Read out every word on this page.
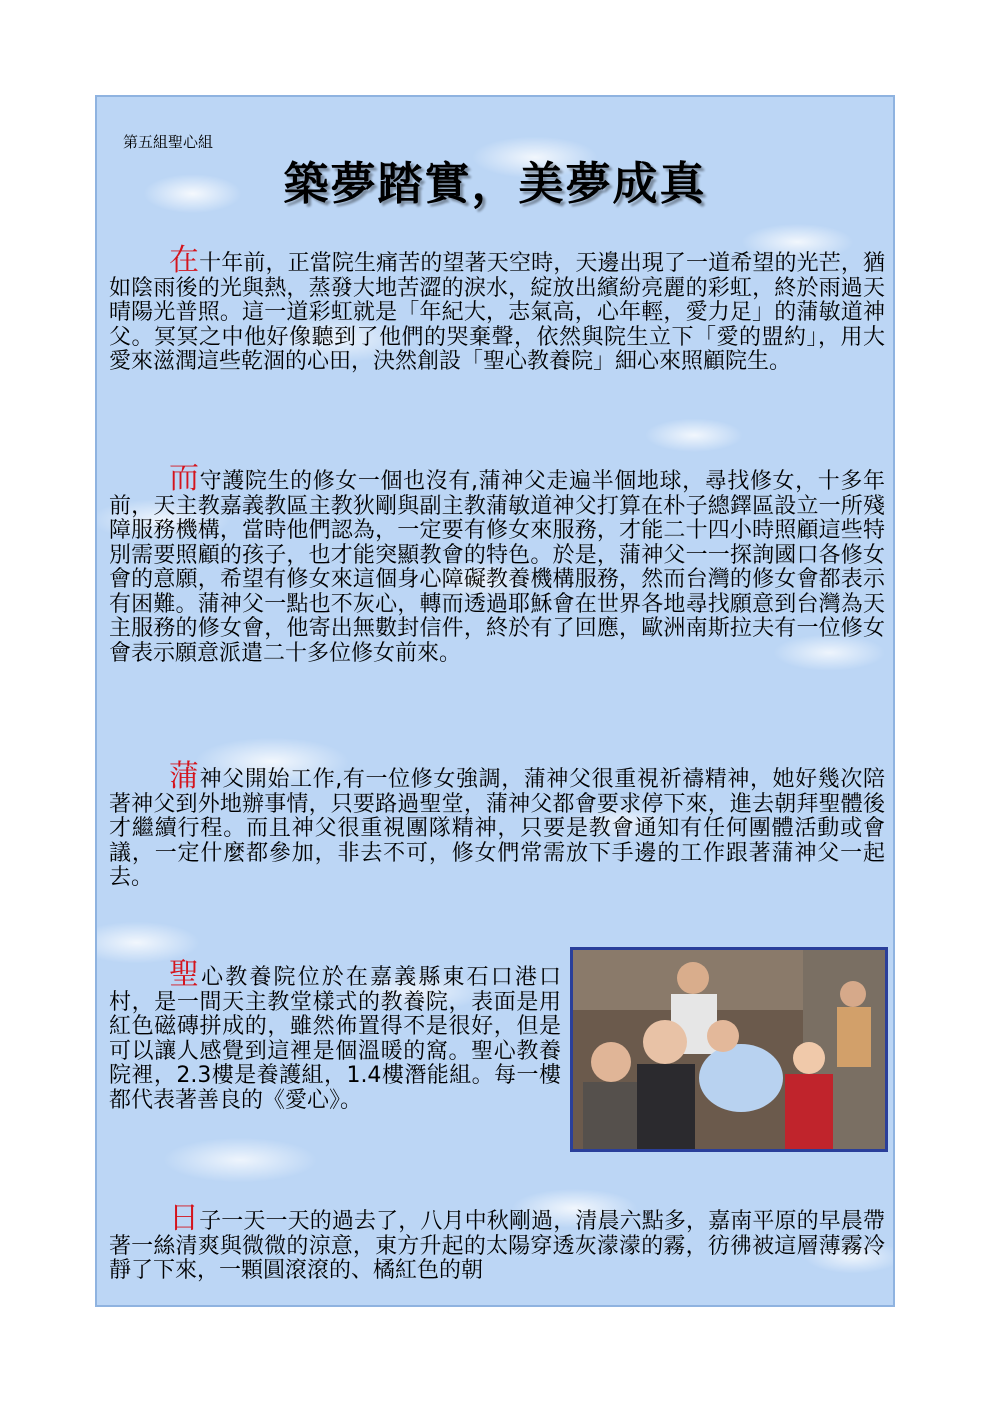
第五組聖心組

築夢踏實，美夢成真

在十年前，正當院生痛苦的望著天空時，天邊出現了一道希望的光芒，猶如陰雨後的光與熱，蒸發大地苦澀的淚水，綻放出繽紛亮麗的彩虹，終於雨過天晴陽光普照。這一道彩虹就是「年紀大，志氣高，心年輕，愛力足」的蒲敏道神父。冥冥之中他好像聽到了他們的哭棄聲，依然與院生立下「愛的盟約」，用大愛來滋潤這些乾涸的心田，決然創設「聖心教養院」細心來照顧院生。

而守護院生的修女一個也沒有,蒲神父走遍半個地球，尋找修女，十多年前，天主教嘉義教區主教狄剛與副主教蒲敏道神父打算在朴子總鐸區設立一所殘障服務機構，當時他們認為，一定要有修女來服務，才能二十四小時照顧這些特別需要照顧的孩子，也才能突顯教會的特色。於是，蒲神父一一探詢國口各修女會的意願，希望有修女來這個身心障礙教養機構服務，然而台灣的修女會都表示有困難。蒲神父一點也不灰心，轉而透過耶穌會在世界各地尋找願意到台灣為天主服務的修女會，他寄出無數封信件，終於有了回應，歐洲南斯拉夫有一位修女會表示願意派遣二十多位修女前來。

蒲神父開始工作,有一位修女強調，蒲神父很重視祈禱精神，她好幾次陪著神父到外地辦事情，只要路過聖堂，蒲神父都會要求停下來，進去朝拜聖體後才繼續行程。而且神父很重視團隊精神，只要是教會通知有任何團體活動或會議，一定什麼都參加，非去不可，修女們常需放下手邊的工作跟著蒲神父一起去。

聖心教養院位於在嘉義縣東石口港口村，是一間天主教堂樣式的教養院，表面是用紅色磁磚拼成的，雖然佈置得不是很好，但是可以讓人感覺到這裡是個溫暖的窩。聖心教養院裡，2.3樓是養護組，1.4樓潛能組。每一樓都代表著善良的《愛心》。

日子一天一天的過去了，八月中秋剛過，清晨六點多，嘉南平原的早晨帶著一絲清爽與微微的涼意，東方升起的太陽穿透灰濛濛的霧，彷彿被這層薄霧冷靜了下來，一顆圓滾滾的、橘紅色的朝
